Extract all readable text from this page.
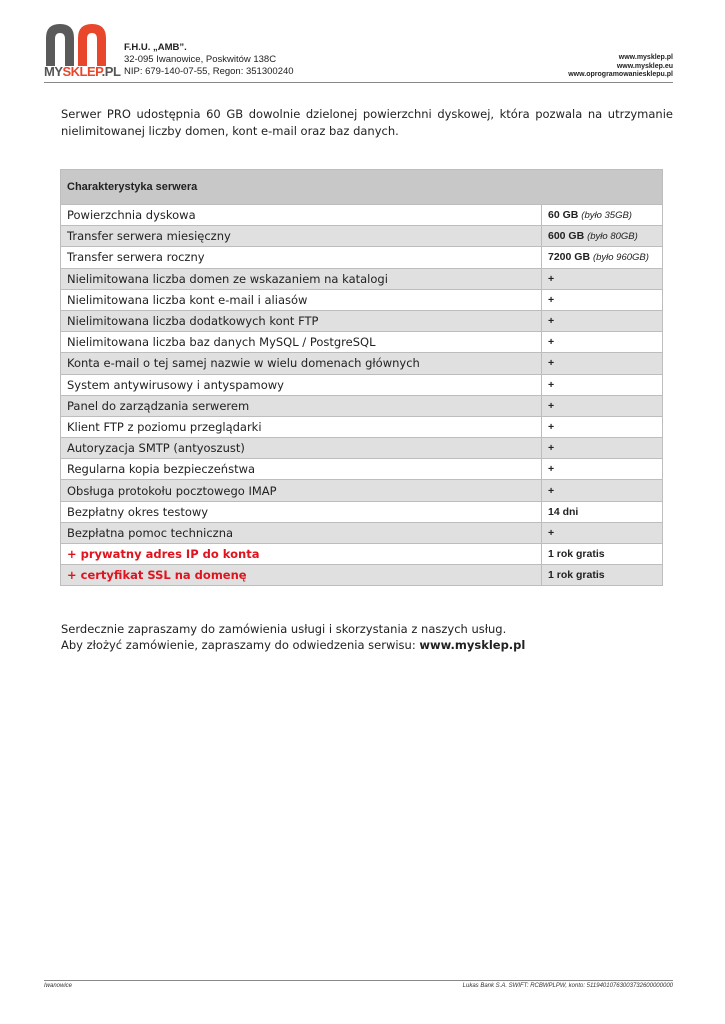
MYSKLEP.PL
F.H.U. „AMB”.
32-095 Iwanowice, Poskwitów 138C
NIP: 679-140-07-55, Regon: 351300240
www.mysklep.pl
www.mysklep.eu
www.oprogramowaniesklepu.pl
Serwer PRO udostępnia 60 GB dowolnie dzielonej powierzchni dyskowej, która pozwala na utrzymanie nielimitowanej liczby domen, kont e-mail oraz baz danych.
Charakterystyka serwera	
Powierzchnia dyskowa	60 GB (było 35GB)
Transfer serwera miesięczny	600 GB (było 80GB)
Transfer serwera roczny	7200 GB (było 960GB)
Nielimitowana liczba domen ze wskazaniem na katalogi	+
Nielimitowana liczba kont e-mail i aliasów	+
Nielimitowana liczba dodatkowych kont FTP	+
Nielimitowana liczba baz danych MySQL / PostgreSQL	+
Konta e-mail o tej samej nazwie w wielu domenach głównych	+
System antywirusowy i antyspamowy	+
Panel do zarządzania serwerem	+
Klient FTP z poziomu przeglądarki	+
Autoryzacja SMTP (antyoszust)	+
Regularna kopia bezpieczeństwa	+
Obsługa protokołu pocztowego IMAP	+
Bezpłatny okres testowy	14 dni
Bezpłatna pomoc techniczna	+
+ prywatny adres IP do konta	1 rok gratis
+ certyfikat SSL na domenę	1 rok gratis
Serdecznie zapraszamy do zamówienia usługi i skorzystania z naszych usług.
Aby złożyć zamówienie, zapraszamy do odwiedzenia serwisu: www.mysklep.pl
Iwanowice	Lukas Bank S.A. SWIFT: RCBWPLPW, konto: 51194010763003732600000000
